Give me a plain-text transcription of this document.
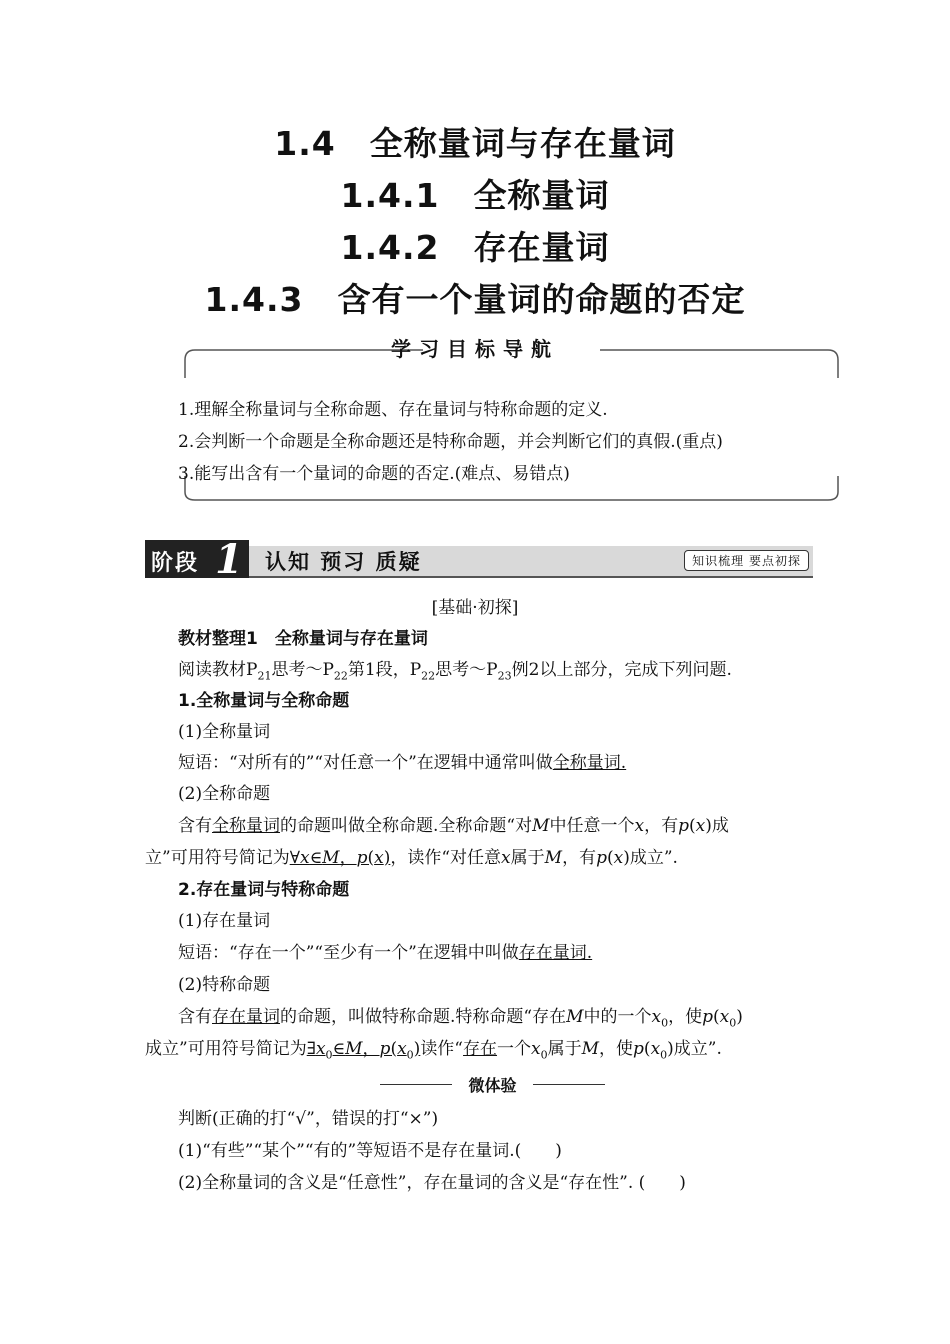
1.4　全称量词与存在量词
1.4.1　全称量词
1.4.2　存在量词
1.4.3　含有一个量词的命题的否定
学习目标导航
1.理解全称量词与全称命题、存在量词与特称命题的定义.
2.会判断一个命题是全称命题还是特称命题，并会判断它们的真假.(重点)
3.能写出含有一个量词的命题的否定.(难点、易错点)
阶段 1 认知 预习 质疑	知识梳理 要点初探
[基础·初探]
教材整理1　全称量词与存在量词
阅读教材$P_{21}$思考$\sim P_{22}$第1段，$P_{22}$思考$\sim P_{23}$例2以上部分，完成下列问题.
1.全称量词与全称命题
(1)全称量词
短语：“对所有的”“对任意一个”在逻辑中通常叫做全称量词.
(2)全称命题
含有全称量词的命题叫做全称命题.全称命题“对M中任意一个x，有p(x)成
立”可用符号简记为∀x∈M，p(x)，读作“对任意x属于M，有p(x)成立”.
2.存在量词与特称命题
(1)存在量词
短语：“存在一个”“至少有一个”在逻辑中叫做存在量词.
(2)特称命题
含有存在量词的命题，叫做特称命题.特称命题“存在M中的一个$x_0$，使$p(x_0)$
成立”可用符号简记为$\exists x_0\in M$，$p(x_0)$读作“存在一个$x_0$属于M，使$p(x_0)$成立”.
微体验
判断(正确的打“√”，错误的打“×”)
(1)“有些”“某个”“有的”等短语不是存在量词.(　　)
(2)全称量词的含义是“任意性”，存在量词的含义是“存在性”. (　　)
